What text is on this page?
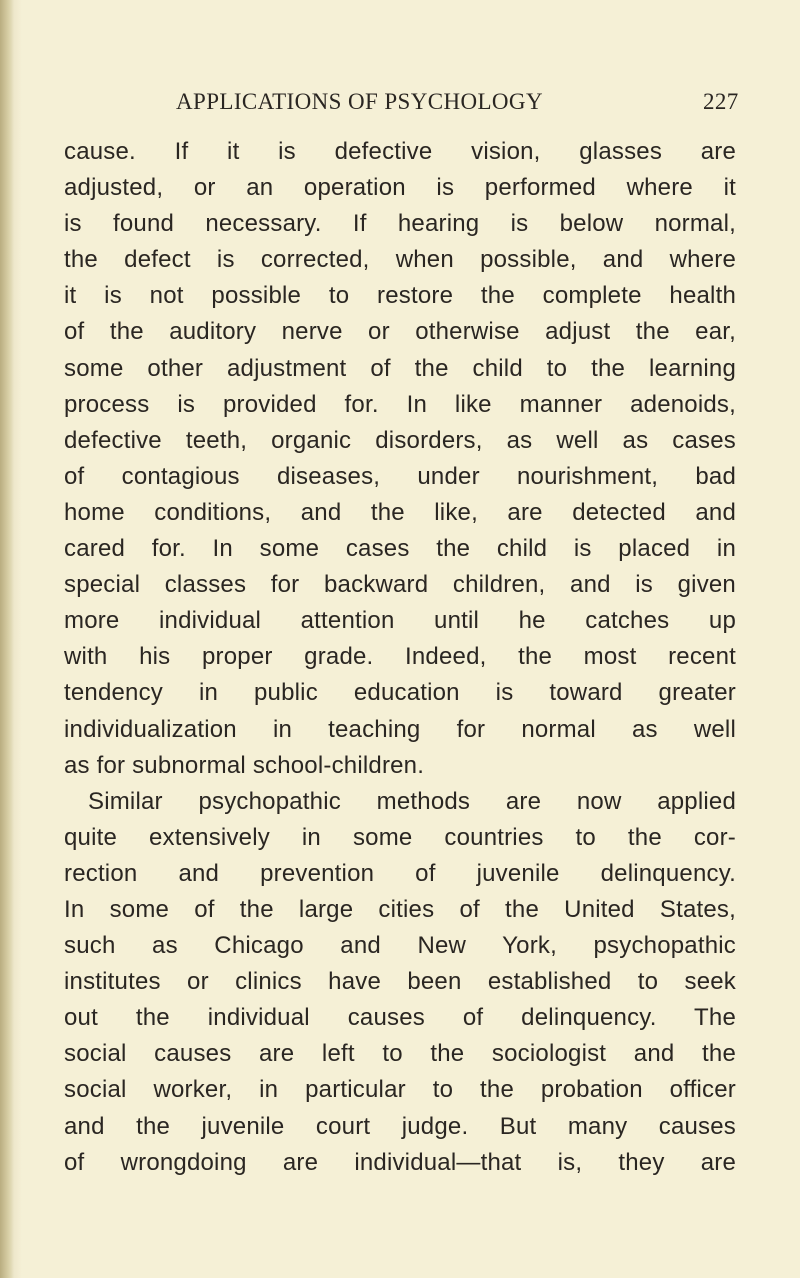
APPLICATIONS OF PSYCHOLOGY	227
cause. If it is defective vision, glasses are
adjusted, or an operation is performed where it
is found necessary. If hearing is below normal,
the defect is corrected, when possible, and where
it is not possible to restore the complete health
of the auditory nerve or otherwise adjust the ear,
some other adjustment of the child to the learning
process is provided for. In like manner adenoids,
defective teeth, organic disorders, as well as cases
of contagious diseases, under nourishment, bad
home conditions, and the like, are detected and
cared for. In some cases the child is placed in
special classes for backward children, and is given
more individual attention until he catches up
with his proper grade. Indeed, the most recent
tendency in public education is toward greater
individualization in teaching for normal as well
as for subnormal school-children.
Similar psychopathic methods are now applied
quite extensively in some countries to the cor-
rection and prevention of juvenile delinquency.
In some of the large cities of the United States,
such as Chicago and New York, psychopathic
institutes or clinics have been established to seek
out the individual causes of delinquency. The
social causes are left to the sociologist and the
social worker, in particular to the probation officer
and the juvenile court judge. But many causes
of wrongdoing are individual—that is, they are
